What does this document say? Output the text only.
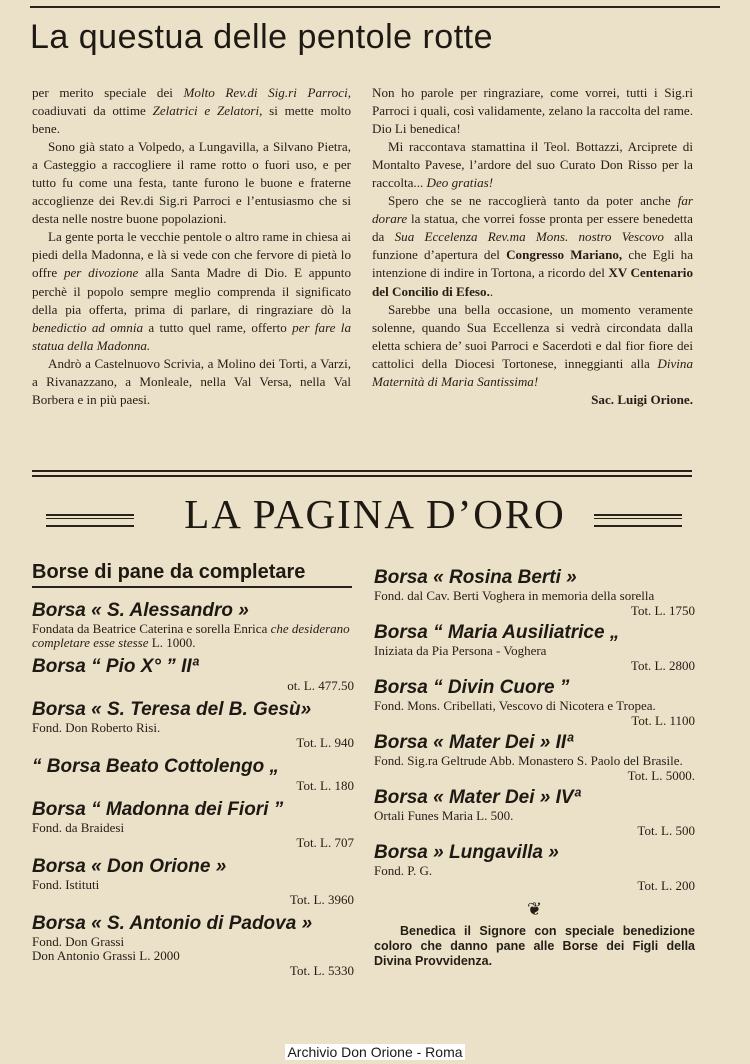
La questua delle pentole rotte

per merito speciale dei Molto Rev.di Sig.ri Parroci, coadiuvati da ottime Zelatrici e Zelatori, si mette molto bene.

Sono già stato a Volpedo, a Lungavilla, a Silvano Pietra, a Casteggio a raccogliere il rame rotto o fuori uso, e per tutto fu come una festa, tante furono le buone e fraterne accoglienze dei Rev.di Sig.ri Parroci e l’entusiasmo che si desta nelle nostre buone popolazioni.

La gente porta le vecchie pentole o altro rame in chiesa ai piedi della Madonna, e là si vede con che fervore di pietà lo offre per divozione alla Santa Madre di Dio. E appunto perchè il popolo sempre meglio comprenda il significato della pia offerta, prima di parlare, di ringraziare dò la benedictio ad omnia a tutto quel rame, offerto per fare la statua della Madonna.

Andrò a Castelnuovo Scrivia, a Molino dei Torti, a Varzi, a Rivanazzano, a Monleale, nella Val Versa, nella Val Borbera e in più paesi.

Non ho parole per ringraziare, come vorrei, tutti i Sig.ri Parroci i quali, così validamente, zelano la raccolta del rame. Dio Li benedica!

Mi raccontava stamattina il Teol. Bottazzi, Arciprete di Montalto Pavese, l’ardore del suo Curato Don Risso per la raccolta... Deo gratias!

Spero che se ne raccoglierà tanto da poter anche far dorare la statua, che vorrei fosse pronta per essere benedetta da Sua Eccelenza Rev.ma Mons. nostro Vescovo alla funzione d’apertura del Congresso Mariano, che Egli ha intenzione di indire in Tortona, a ricordo del XV Centenario del Concilio di Efeso..

Sarebbe una bella occasione, un momento veramente solenne, quando Sua Eccellenza si vedrà circondata dalla eletta schiera de’ suoi Parroci e Sacerdoti e dal fior fiore dei cattolici della Diocesi Tortonese, inneggianti alla Divina Maternità di Maria Santissima!

Sac. Luigi Orione.
LA PAGINA D’ORO
Borse di pane da completare
Borsa « S. Alessandro »
Fondata da Beatrice Caterina e sorella Enrica che desiderano completare esse stesse L. 1000.
Borsa “ Pio X° ” IIª
ot. L. 477.50
Borsa « S. Teresa del B. Gesù»
Fond. Don Roberto Risi.
Tot. L. 940
“ Borsa Beato Cottolengo „
Tot. L. 180
Borsa “ Madonna dei Fiori ”
Fond. da Braidesi
Tot. L. 707
Borsa « Don Orione »
Fond. Istituti
Tot. L. 3960
Borsa « S. Antonio di Padova »
Fond. Don Grassi
Don Antonio Grassi L. 2000
Tot. L. 5330
Borsa « Rosina Berti »
Fond. dal Cav. Berti Voghera in memoria della sorella
Tot. L. 1750
Borsa “ Maria Ausiliatrice „
Iniziata da Pia Persona - Voghera
Tot. L. 2800
Borsa “ Divin Cuore ”
Fond. Mons. Cribellati, Vescovo di Nicotera e Tropea.
Tot. L. 1100
Borsa « Mater Dei » IIª
Fond. Sig.ra Geltrude Abb. Monastero S. Paolo del Brasile.
Tot. L. 5000.
Borsa « Mater Dei » IVª
Ortali Funes Maria L. 500.
Tot. L. 500
Borsa » Lungavilla »
Fond. P. G.
Tot. L. 200
❦
Benedica il Signore con speciale benedizione coloro che danno pane alle Borse dei Figli della Divina Provvidenza.
Archivio Don Orione - Roma
